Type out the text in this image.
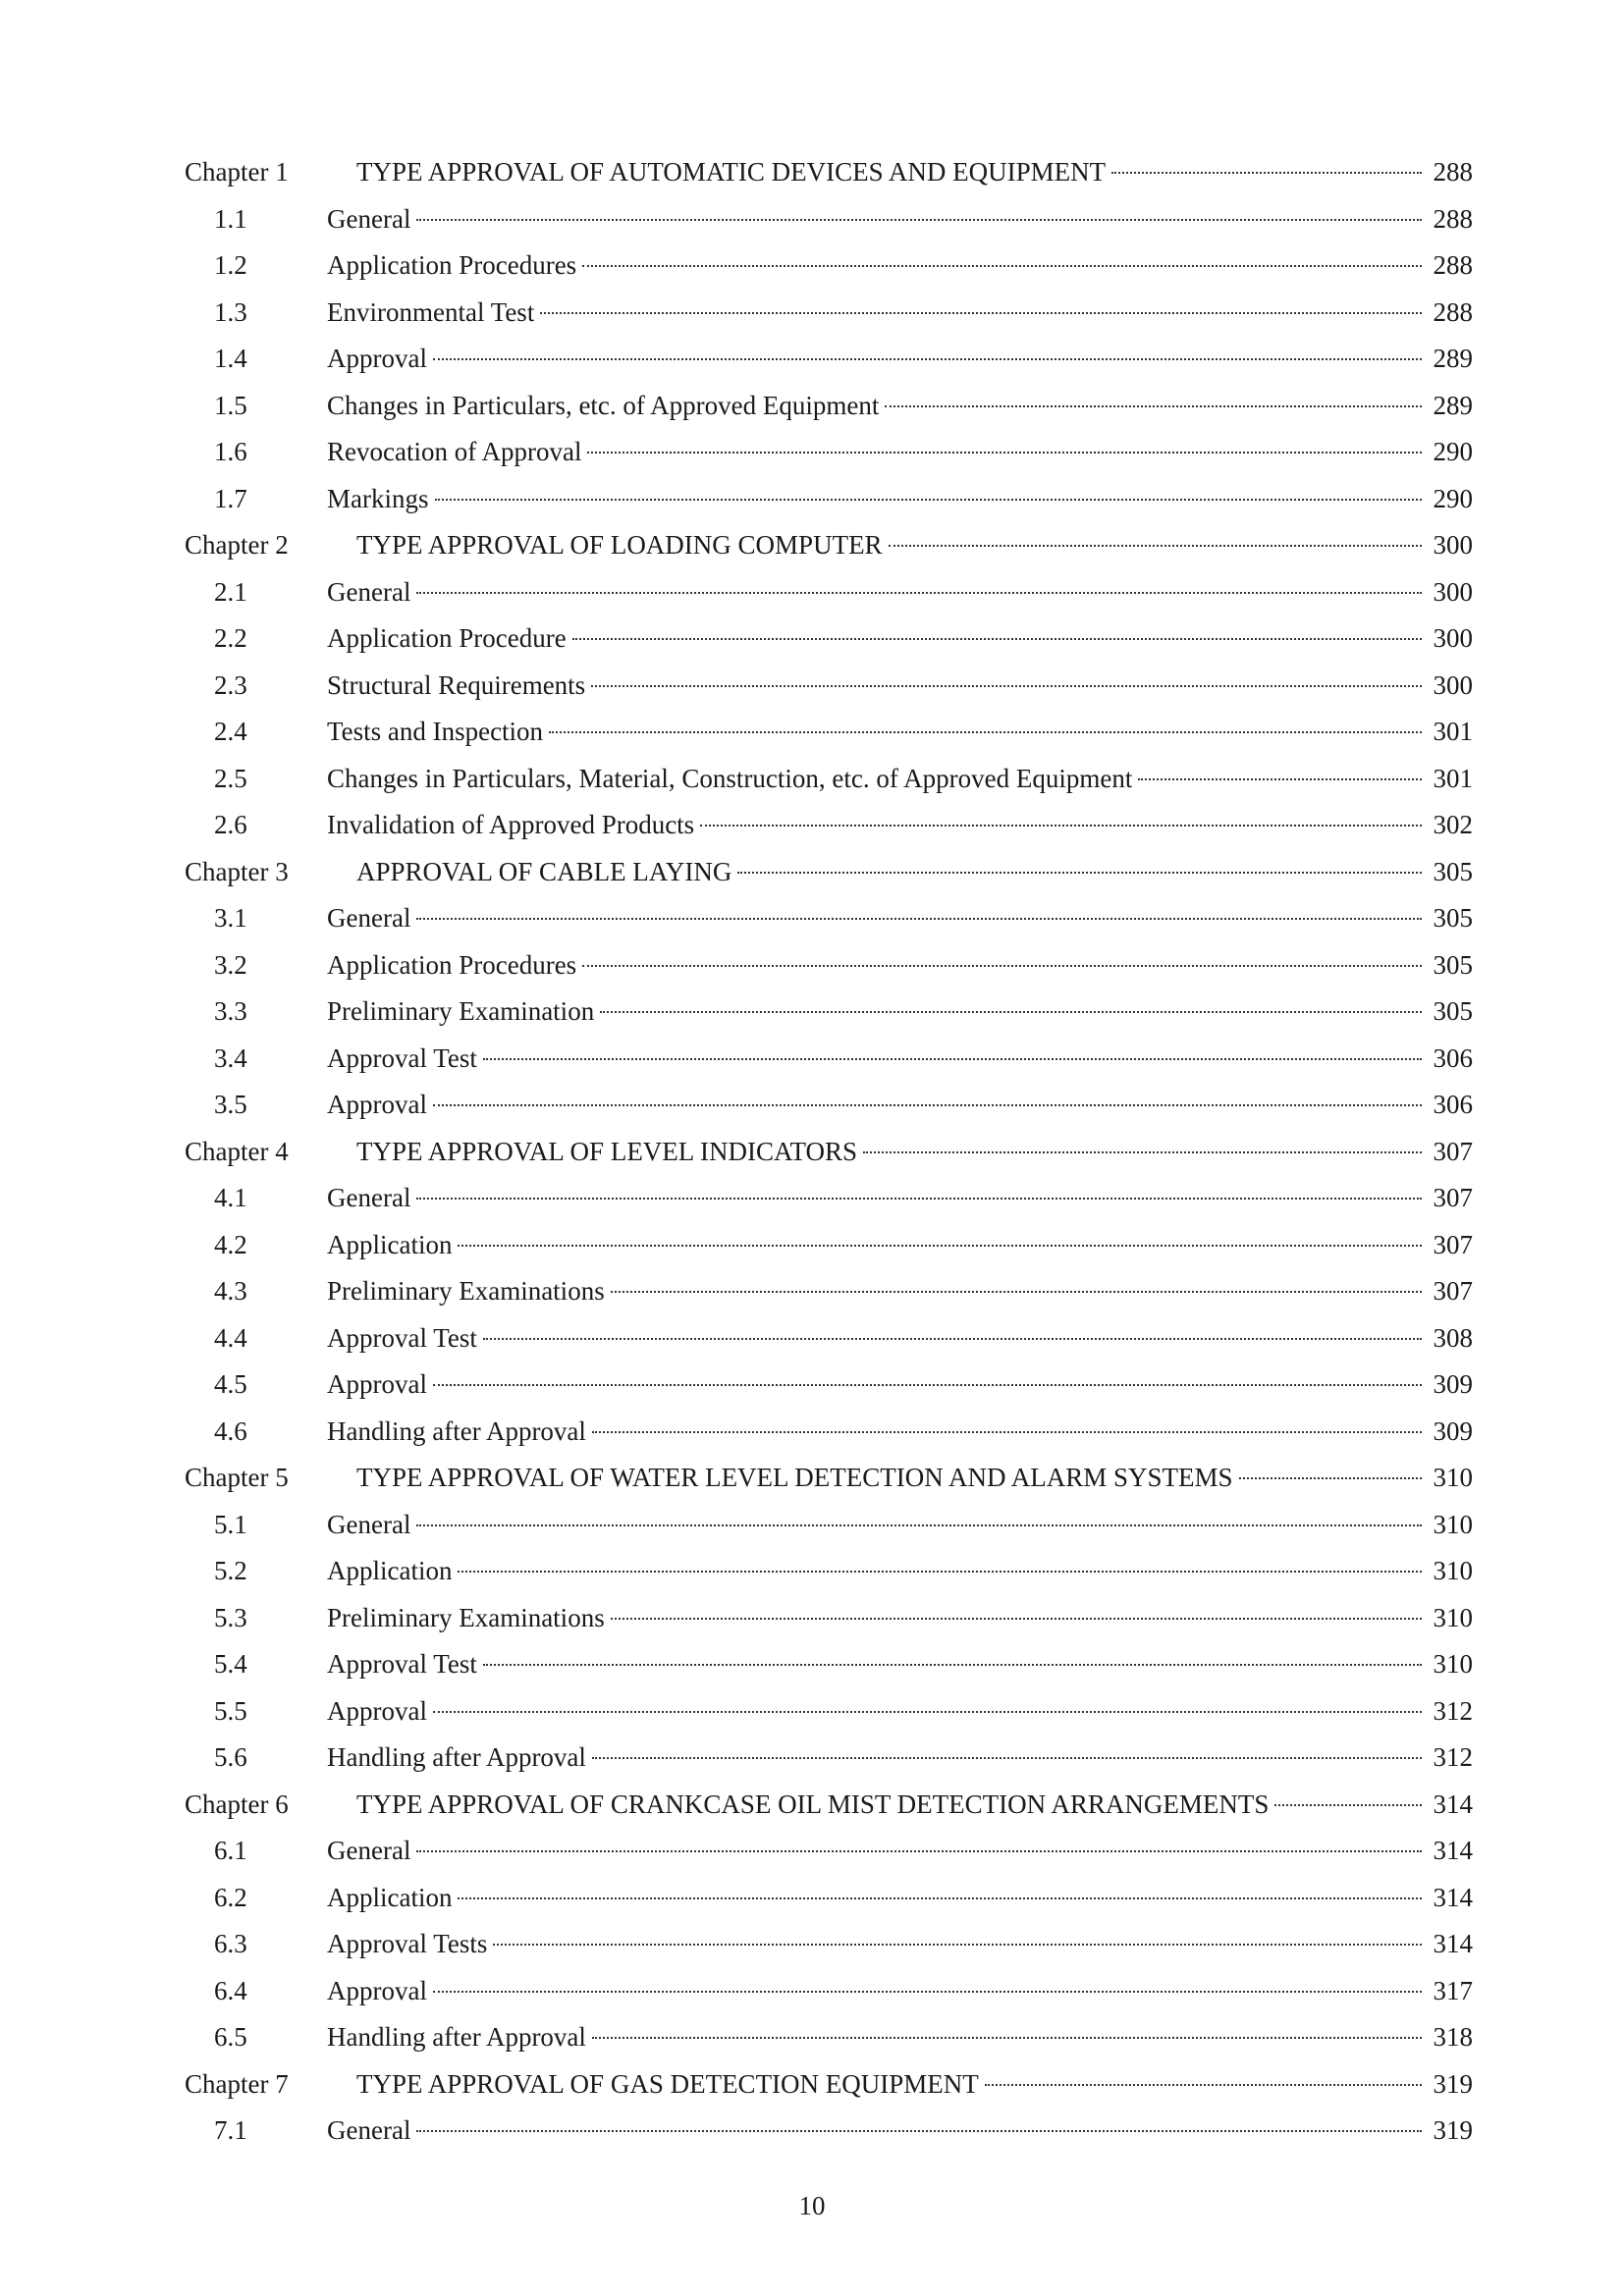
Chapter 1	TYPE APPROVAL OF AUTOMATIC DEVICES AND EQUIPMENT	288
1.1	General	288
1.2	Application Procedures	288
1.3	Environmental Test	288
1.4	Approval	289
1.5	Changes in Particulars, etc. of Approved Equipment	289
1.6	Revocation of Approval	290
1.7	Markings	290
Chapter 2	TYPE APPROVAL OF LOADING COMPUTER	300
2.1	General	300
2.2	Application Procedure	300
2.3	Structural Requirements	300
2.4	Tests and Inspection	301
2.5	Changes in Particulars, Material, Construction, etc. of Approved Equipment	301
2.6	Invalidation of Approved Products	302
Chapter 3	APPROVAL OF CABLE LAYING	305
3.1	General	305
3.2	Application Procedures	305
3.3	Preliminary Examination	305
3.4	Approval Test	306
3.5	Approval	306
Chapter 4	TYPE APPROVAL OF LEVEL INDICATORS	307
4.1	General	307
4.2	Application	307
4.3	Preliminary Examinations	307
4.4	Approval Test	308
4.5	Approval	309
4.6	Handling after Approval	309
Chapter 5	TYPE APPROVAL OF WATER LEVEL DETECTION AND ALARM SYSTEMS	310
5.1	General	310
5.2	Application	310
5.3	Preliminary Examinations	310
5.4	Approval Test	310
5.5	Approval	312
5.6	Handling after Approval	312
Chapter 6	TYPE APPROVAL OF CRANKCASE OIL MIST DETECTION ARRANGEMENTS	314
6.1	General	314
6.2	Application	314
6.3	Approval Tests	314
6.4	Approval	317
6.5	Handling after Approval	318
Chapter 7	TYPE APPROVAL OF GAS DETECTION EQUIPMENT	319
7.1	General	319
10
